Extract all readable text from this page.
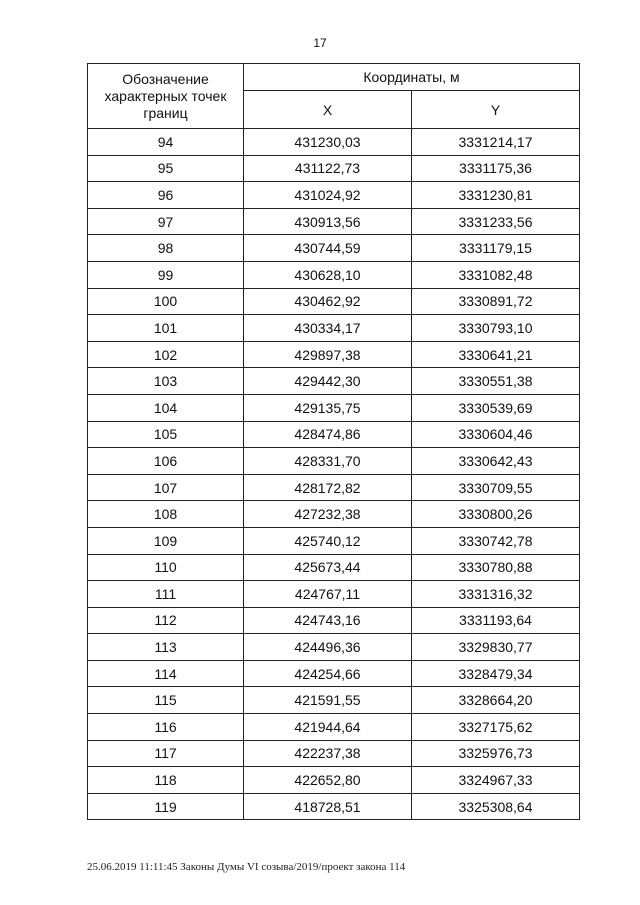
17
Обозначение характерных точек границ	Координаты, м	
	X	Y
94	431230,03	3331214,17
95	431122,73	3331175,36
96	431024,92	3331230,81
97	430913,56	3331233,56
98	430744,59	3331179,15
99	430628,10	3331082,48
100	430462,92	3330891,72
101	430334,17	3330793,10
102	429897,38	3330641,21
103	429442,30	3330551,38
104	429135,75	3330539,69
105	428474,86	3330604,46
106	428331,70	3330642,43
107	428172,82	3330709,55
108	427232,38	3330800,26
109	425740,12	3330742,78
110	425673,44	3330780,88
111	424767,11	3331316,32
112	424743,16	3331193,64
113	424496,36	3329830,77
114	424254,66	3328479,34
115	421591,55	3328664,20
116	421944,64	3327175,62
117	422237,38	3325976,73
118	422652,80	3324967,33
119	418728,51	3325308,64
25.06.2019 11:11:45 Законы Думы VI созыва/2019/проект закона 114
